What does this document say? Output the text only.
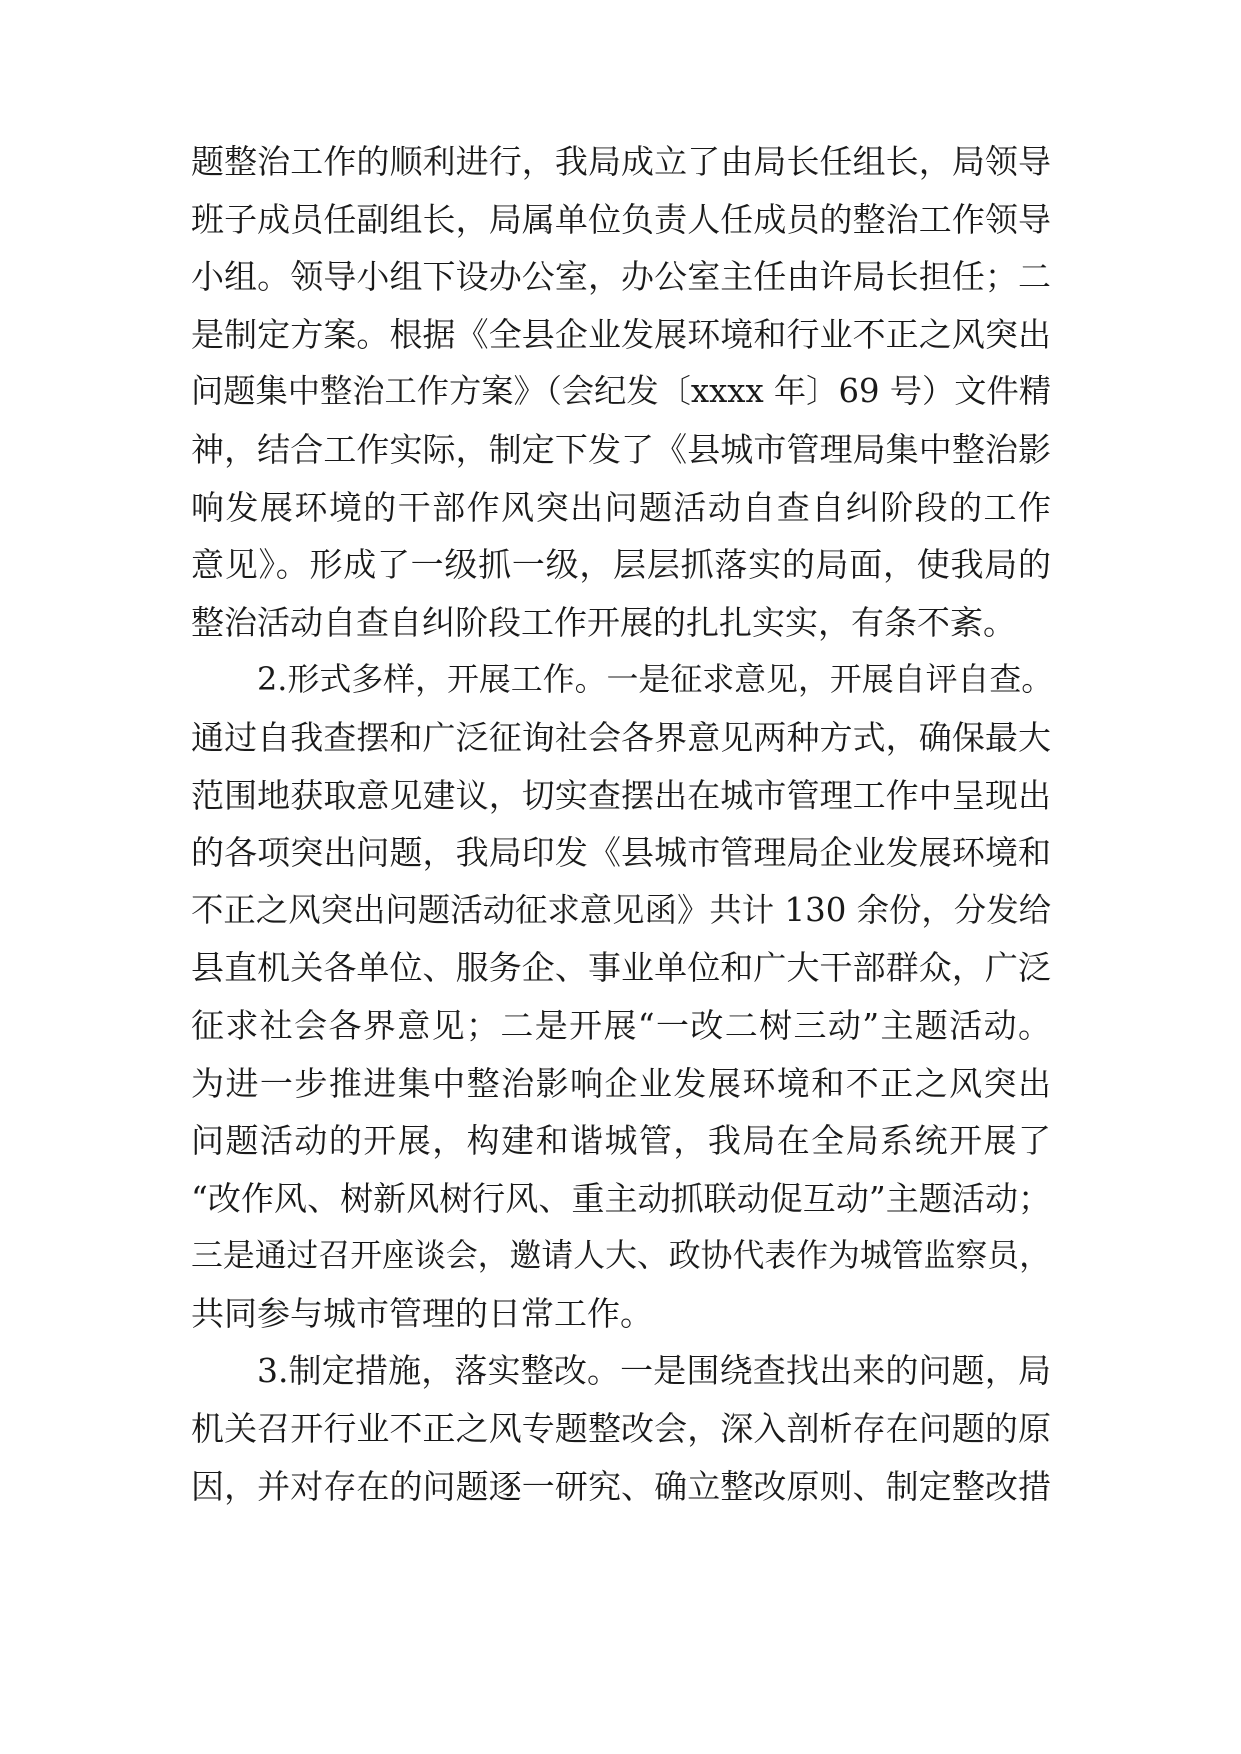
题整治工作的顺利进行，我局成立了由局长任组长，局领导
班子成员任副组长，局属单位负责人任成员的整治工作领导
小组。领导小组下设办公室，办公室主任由许局长担任；二
是制定方案。根据《全县企业发展环境和行业不正之风突出
问题集中整治工作方案》（会纪发〔xxxx 年〕69 号）文件精
神，结合工作实际，制定下发了《县城市管理局集中整治影
响发展环境的干部作风突出问题活动自查自纠阶段的工作
意见》。形成了一级抓一级，层层抓落实的局面，使我局的
整治活动自查自纠阶段工作开展的扎扎实实，有条不紊。
2.形式多样，开展工作。一是征求意见，开展自评自查。
通过自我查摆和广泛征询社会各界意见两种方式，确保最大
范围地获取意见建议，切实查摆出在城市管理工作中呈现出
的各项突出问题，我局印发《县城市管理局企业发展环境和
不正之风突出问题活动征求意见函》共计 130 余份，分发给
县直机关各单位、服务企、事业单位和广大干部群众，广泛
征求社会各界意见；二是开展“一改二树三动”主题活动。
为进一步推进集中整治影响企业发展环境和不正之风突出
问题活动的开展，构建和谐城管，我局在全局系统开展了
“改作风、树新风树行风、重主动抓联动促互动”主题活动；
三是通过召开座谈会，邀请人大、政协代表作为城管监察员，
共同参与城市管理的日常工作。
3.制定措施，落实整改。一是围绕查找出来的问题，局
机关召开行业不正之风专题整改会，深入剖析存在问题的原
因，并对存在的问题逐一研究、确立整改原则、制定整改措
